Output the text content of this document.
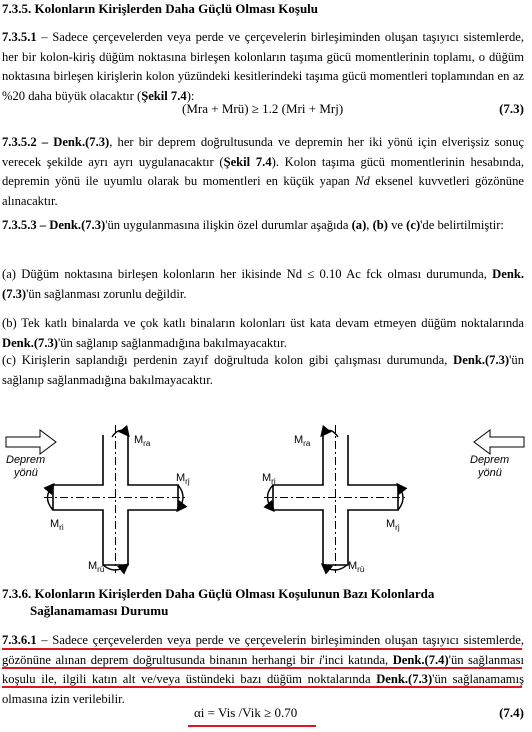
7.3.5. Kolonların Kirişlerden Daha Güçlü Olması Koşulu

7.3.5.1 – Sadece çerçevelerden veya perde ve çerçevelerin birleşiminden oluşan taşıyıcı sistemlerde, her bir kolon-kiriş düğüm noktasına birleşen kolonların taşıma gücü momentlerinin toplamı, o düğüm noktasına birleşen kirişlerin kolon yüzündeki kesitlerindeki taşıma gücü momentleri toplamından en az %20 daha büyük olacaktır (Şekil 7.4):

(Mra + Mrü) ≥ 1.2 (Mri + Mrj)	(7.3)

7.3.5.2 – Denk.(7.3), her bir deprem doğrultusunda ve depremin her iki yönü için elverişsiz sonuç verecek şekilde ayrı ayrı uygulanacaktır (Şekil 7.4). Kolon taşıma gücü momentlerinin hesabında, depremin yönü ile uyumlu olarak bu momentleri en küçük yapan Nd eksenel kuvvetleri gözönüne alınacaktır.

7.3.5.3 – Denk.(7.3)'ün uygulanmasına ilişkin özel durumlar aşağıda (a), (b) ve (c)'de belirtilmiştir:

(a) Düğüm noktasına birleşen kolonların her ikisinde Nd ≤ 0.10 Ac fck olması durumunda, Denk.(7.3)'ün sağlanması zorunlu değildir.

(b) Tek katlı binalarda ve çok katlı binaların kolonları üst kata devam etmeyen düğüm noktalarında Denk.(7.3)'ün sağlanıp sağlanmadığına bakılmayacaktır.

(c) Kirişlerin saplandığı perdenin zayıf doğrultuda kolon gibi çalışması durumunda, Denk.(7.3)'ün sağlanıp sağlanmadığına bakılmayacaktır.

Deprem
yönü
$M_{ra}$
$M_{rj}$
$M_{ri}$
$M_{rü}$
$M_{ra}$
$M_{ri}$
$M_{rj}$
$M_{rü}$
Deprem
yönü
7.3.6. Kolonların Kirişlerden Daha Güçlü Olması Koşulunun Bazı Kolonlarda
Sağlanamaması Durumu

7.3.6.1 – Sadece çerçevelerden veya perde ve çerçevelerin birleşiminden oluşan taşıyıcı sistemlerde, gözönüne alınan deprem doğrultusunda binanın herhangi bir i'inci katında, Denk.(7.4)'ün sağlanması koşulu ile, ilgili katın alt ve/veya üstündeki bazı düğüm noktalarında Denk.(7.3)'ün sağlanamamış olmasına izin verilebilir.

αi = Vis /Vik ≥ 0.70	(7.4)
